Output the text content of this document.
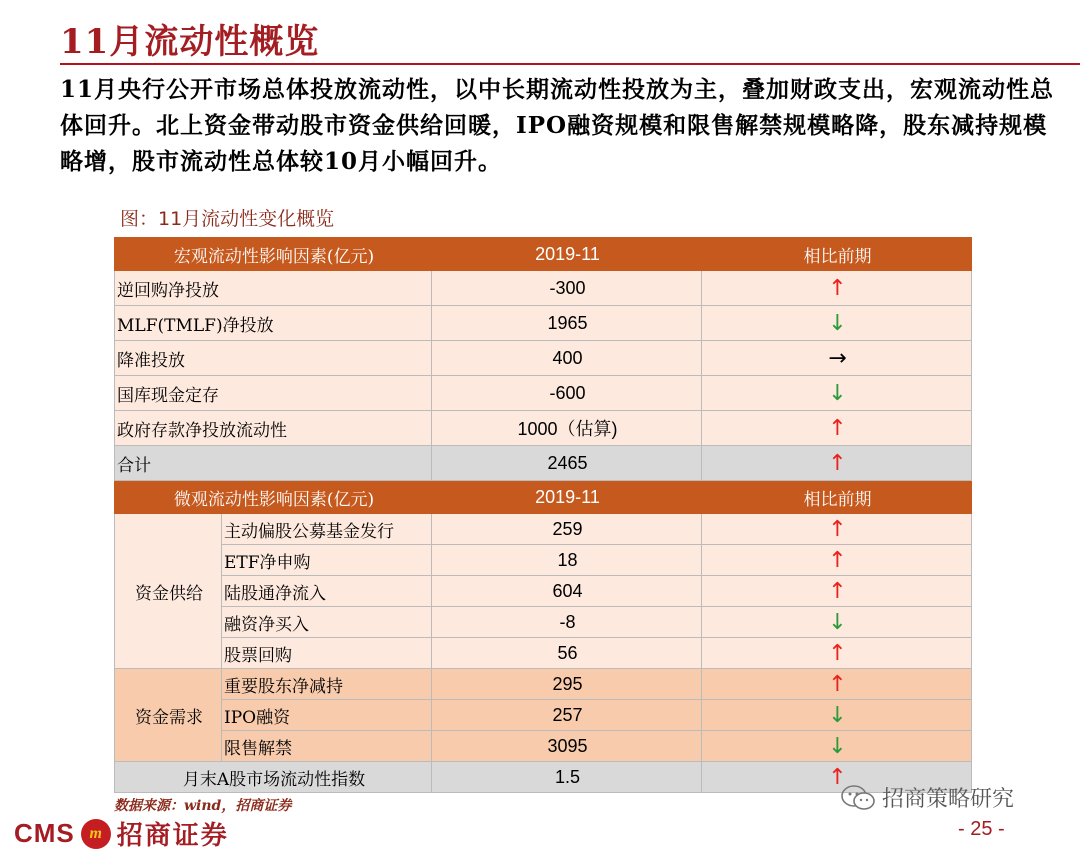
11月流动性概览
11月央行公开市场总体投放流动性，以中长期流动性投放为主，叠加财政支出，宏观流动性总体回升。北上资金带动股市资金供给回暖，IPO融资规模和限售解禁规模略降，股东减持规模略增，股市流动性总体较10月小幅回升。
图：11月流动性变化概览
宏观流动性影响因素(亿元)		2019-11	相比前期
逆回购净投放		-300	↑
MLF(TMLF)净投放		1965	↓
降准投放		400	→
国库现金定存		-600	↓
政府存款净投放流动性		1000（估算)	↑
合计		2465	↑
微观流动性影响因素(亿元)		2019-11	相比前期
资金供给	主动偏股公募基金发行	259	↑
	ETF净申购	18	↑
	陆股通净流入	604	↑
	融资净买入	-8	↓
	股票回购	56	↑
资金需求	重要股东净减持	295	↑
	IPO融资	257	↓
	限售解禁	3095	↓
月末A股市场流动性指数		1.5	↑
数据来源：wind，招商证券
CMS m 招商证券
招商策略研究
- 25 -
